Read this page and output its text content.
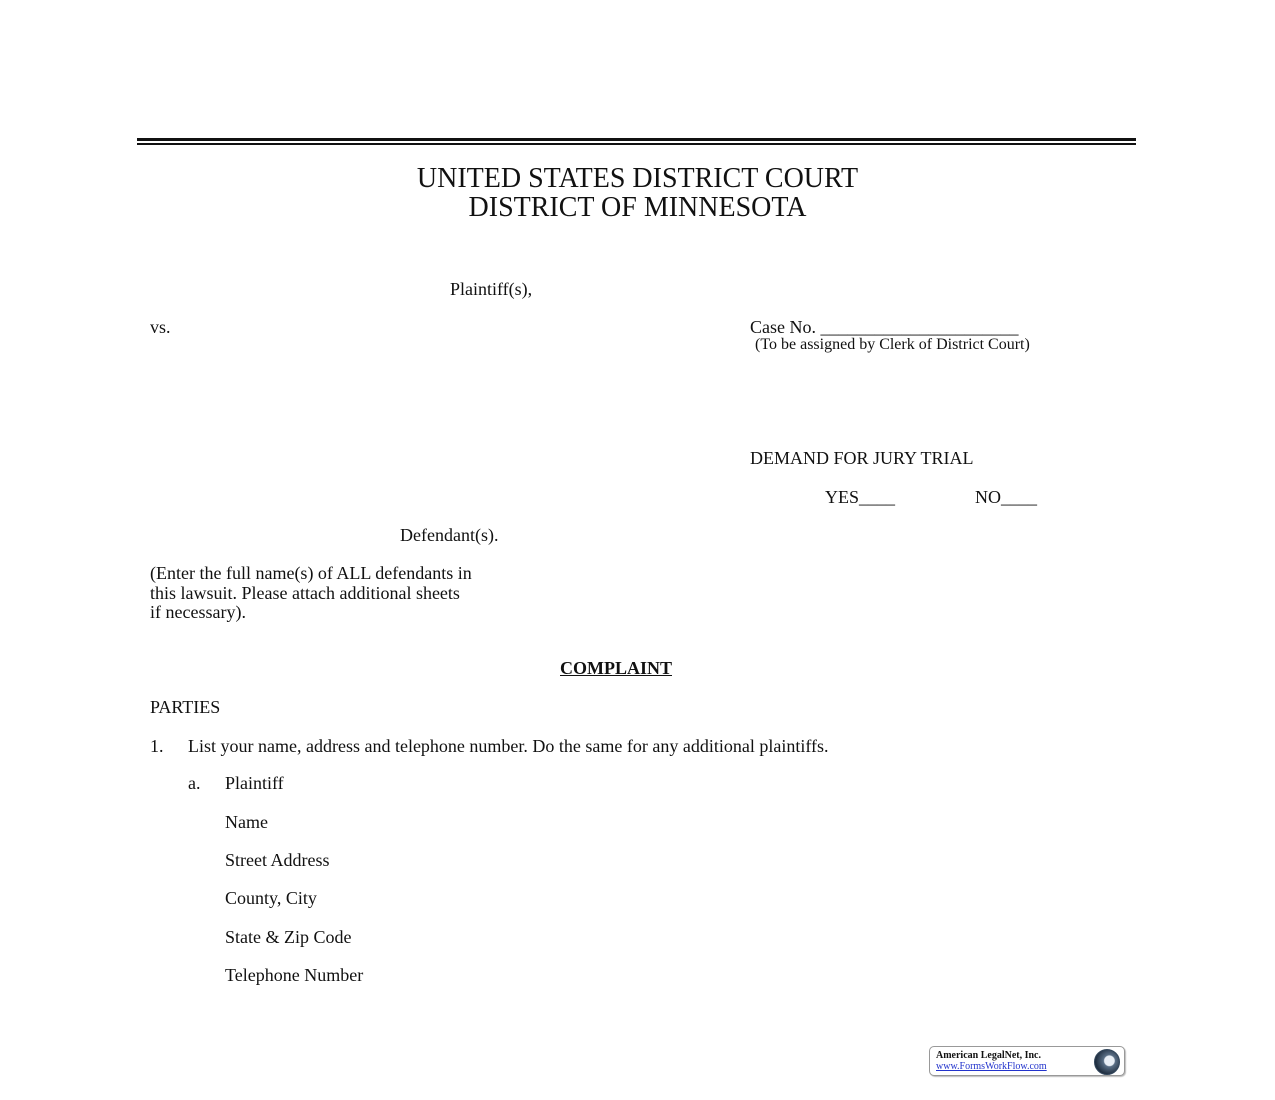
UNITED STATES DISTRICT COURT
DISTRICT OF MINNESOTA
Plaintiff(s),
vs.	Case No. ______________________
(To be assigned by Clerk of District Court)
DEMAND FOR JURY TRIAL
YES____	NO____
Defendant(s).
(Enter the full name(s) of ALL defendants in
this lawsuit. Please attach additional sheets
if necessary).
COMPLAINT
PARTIES
1. List your name, address and telephone number. Do the same for any additional plaintiffs.
a. Plaintiff
Name
Street Address
County, City
State & Zip Code
Telephone Number
American LegalNet, Inc.
www.FormsWorkFlow.com
